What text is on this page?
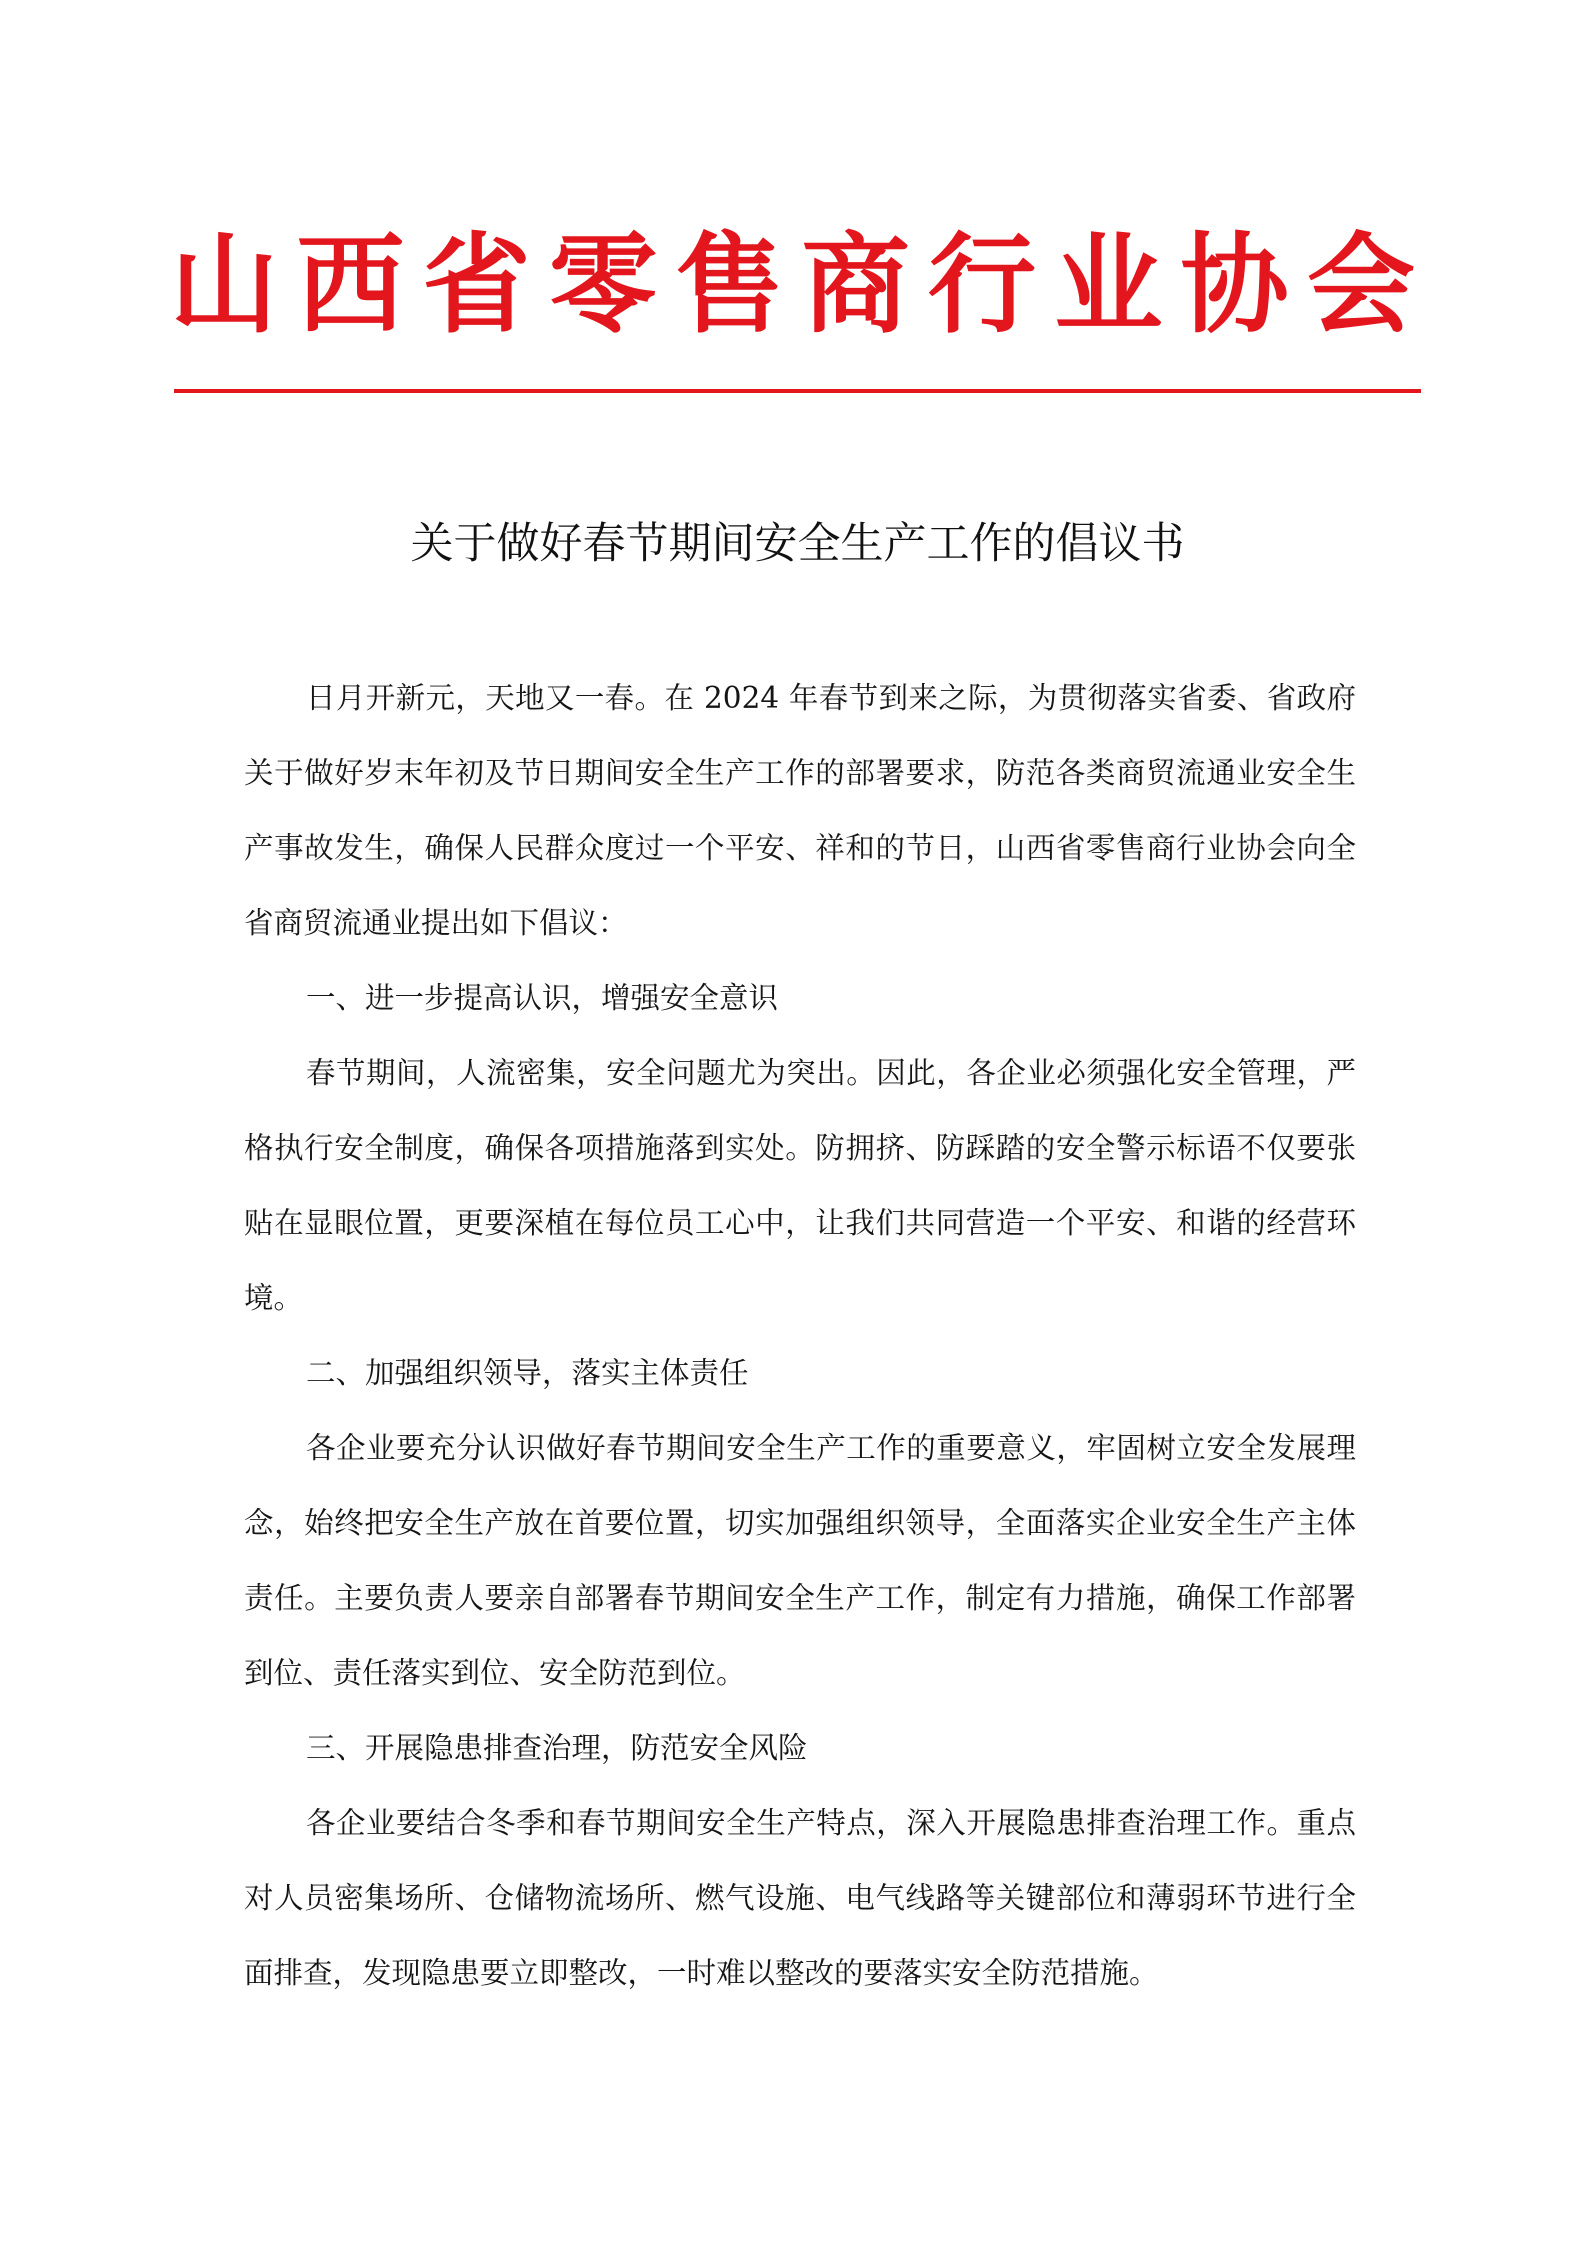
山 西 省 零 售 商 行 业 协 会
关于做好春节期间安全生产工作的倡议书

日月开新元，天地又一春。在 2024 年春节到来之际，为贯彻落实省委、省政府关于做好岁末年初及节日期间安全生产工作的部署要求，防范各类商贸流通业安全生产事故发生，确保人民群众度过一个平安、祥和的节日，山西省零售商行业协会向全省商贸流通业提出如下倡议：

一、进一步提高认识，增强安全意识

春节期间，人流密集，安全问题尤为突出。因此，各企业必须强化安全管理，严格执行安全制度，确保各项措施落到实处。防拥挤、防踩踏的安全警示标语不仅要张贴在显眼位置，更要深植在每位员工心中，让我们共同营造一个平安、和谐的经营环境。

二、加强组织领导，落实主体责任

各企业要充分认识做好春节期间安全生产工作的重要意义，牢固树立安全发展理念，始终把安全生产放在首要位置，切实加强组织领导，全面落实企业安全生产主体责任。主要负责人要亲自部署春节期间安全生产工作，制定有力措施，确保工作部署到位、责任落实到位、安全防范到位。

三、开展隐患排查治理，防范安全风险

各企业要结合冬季和春节期间安全生产特点，深入开展隐患排查治理工作。重点对人员密集场所、仓储物流场所、燃气设施、电气线路等关键部位和薄弱环节进行全面排查，发现隐患要立即整改，一时难以整改的要落实安全防范措施。
